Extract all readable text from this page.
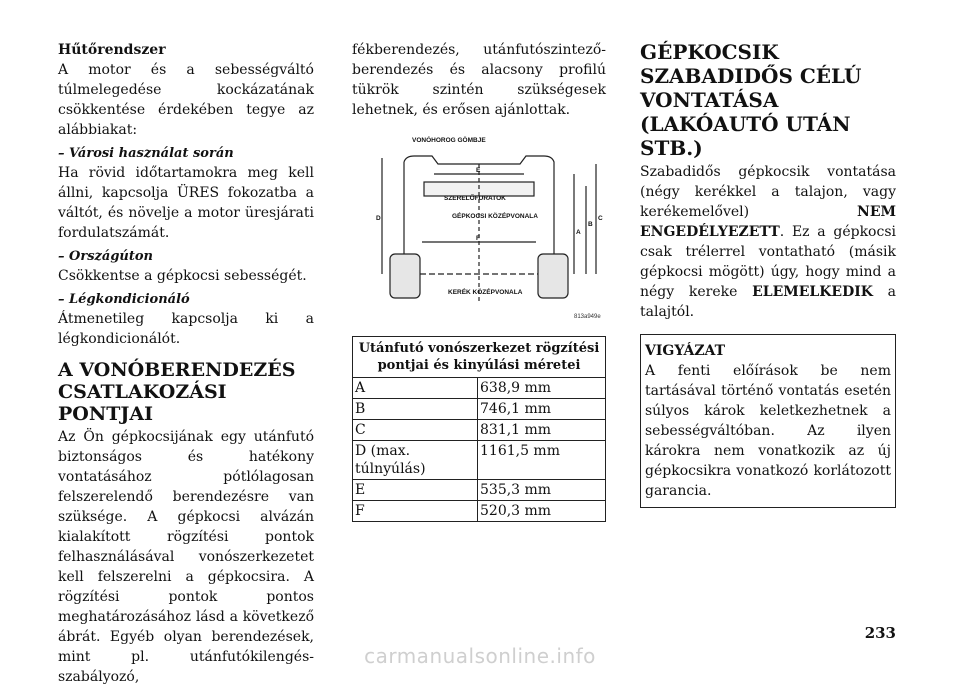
Hűtőrendszer

A motor és a sebességváltó túlmelegedése kockázatának csökkentése érdekében tegye az alábbiakat:

– Városi használat során

Ha rövid időtartamokra meg kell állni, kapcsolja ÜRES fokozatba a váltót, és növelje a motor üresjárati fordulatszámát.

– Országúton

Csökkentse a gépkocsi sebességét.

– Légkondicionáló

Átmenetileg kapcsolja ki a légkondicionálót.

A VONÓBERENDEZÉS CSATLAKOZÁSI PONTJAI

Az Ön gépkocsijának egy utánfutó biztonságos és hatékony vontatásához pótlólagosan felszerelendő berendezésre van szüksége. A gépkocsi alvázán kialakított rögzítési pontok felhasználásával vonószerkezetet kell felszerelni a gépkocsira. A rögzítési pontok pontos meghatározásához lásd a következő ábrát. Egyéb olyan berendezések, mint pl. utánfutókilengés-szabályozó,

fékberendezés, utánfutószintező-berendezés és alacsony profilú tükrök szintén szükségesek lehetnek, és erősen ajánlottak.

VONÓHOROG GÖMBJE
SZERELŐFURATOK
GÉPKOCSI KÖZÉPVONALA
KERÉK KÖZÉPVONALA
A
B
C
D
E
F
813a949e
Utánfutó vonószerkezet rögzítési pontjai és kinyúlási méretei	
A	638,9 mm
B	746,1 mm
C	831,1 mm
D (max. túlnyúlás)	1161,5 mm
E	535,3 mm
F	520,3 mm
GÉPKOCSIK SZABADIDŐS CÉLÚ VONTATÁSA (LAKÓAUTÓ UTÁN STB.)

Szabadidős gépkocsik vontatása (négy kerékkel a talajon, vagy kerékemelővel) NEM ENGEDÉLYEZETT. Ez a gépkocsi csak trélerrel vontatható (másik gépkocsi mögött) úgy, hogy mind a négy kereke ELEMELKEDIK a talajtól.

VIGYÁZAT

A fenti előírások be nem tartásával történő vontatás esetén súlyos károk keletkezhetnek a sebességváltóban. Az ilyen károkra nem vonatkozik az új gépkocsikra vonatkozó korlátozott garancia.

233
carmanualsonline.info
